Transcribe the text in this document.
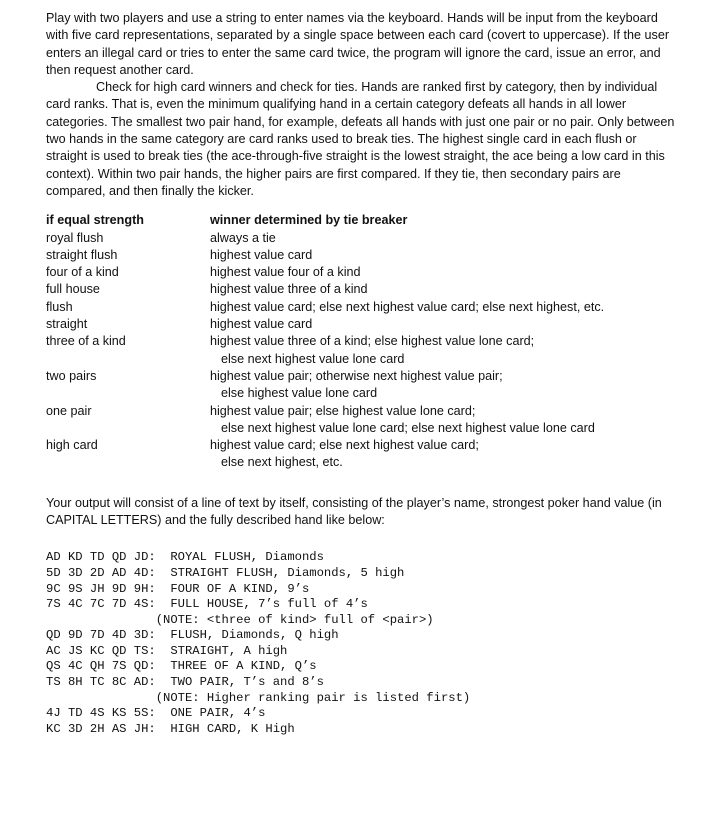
Play with two players and use a string to enter names via the keyboard. Hands will be input from the keyboard with five card representations, separated by a single space between each card (covert to uppercase). If the user enters an illegal card or tries to enter the same card twice, the program will ignore the card, issue an error, and then request another card.

Check for high card winners and check for ties. Hands are ranked first by category, then by individual card ranks. That is, even the minimum qualifying hand in a certain category defeats all hands in all lower categories. The smallest two pair hand, for example, defeats all hands with just one pair or no pair. Only between two hands in the same category are card ranks used to break ties. The highest single card in each flush or straight is used to break ties (the ace-through-five straight is the lowest straight, the ace being a low card in this context). Within two pair hands, the higher pairs are first compared. If they tie, then secondary pairs are compared, and then finally the kicker.

if equal strength	winner determined by tie breaker
royal flush	always a tie
straight flush	highest value card
four of a kind	highest value four of a kind
full house	highest value three of a kind
flush	highest value card; else next highest value card; else next highest, etc.
straight	highest value card
three of a kind	highest value three of a kind; else highest value lone card;
else next highest value lone card
two pairs	highest value pair; otherwise next highest value pair;
else highest value lone card
one pair	highest value pair; else highest value lone card;
else next highest value lone card; else next highest value lone card
high card	highest value card; else next highest value card;
else next highest, etc.

Your output will consist of a line of text by itself, consisting of the player’s name, strongest poker hand value (in CAPITAL LETTERS) and the fully described hand like below:

AD KD TD QD JD:  ROYAL FLUSH, Diamonds
5D 3D 2D AD 4D:  STRAIGHT FLUSH, Diamonds, 5 high
9C 9S JH 9D 9H:  FOUR OF A KIND, 9’s
7S 4C 7C 7D 4S:  FULL HOUSE, 7’s full of 4’s
(NOTE: <three of kind> full of <pair>)
QD 9D 7D 4D 3D:  FLUSH, Diamonds, Q high
AC JS KC QD TS:  STRAIGHT, A high
QS 4C QH 7S QD:  THREE OF A KIND, Q’s
TS 8H TC 8C AD:  TWO PAIR, T’s and 8’s
(NOTE: Higher ranking pair is listed first)
4J TD 4S KS 5S:  ONE PAIR, 4’s
KC 3D 2H AS JH:  HIGH CARD, K High
